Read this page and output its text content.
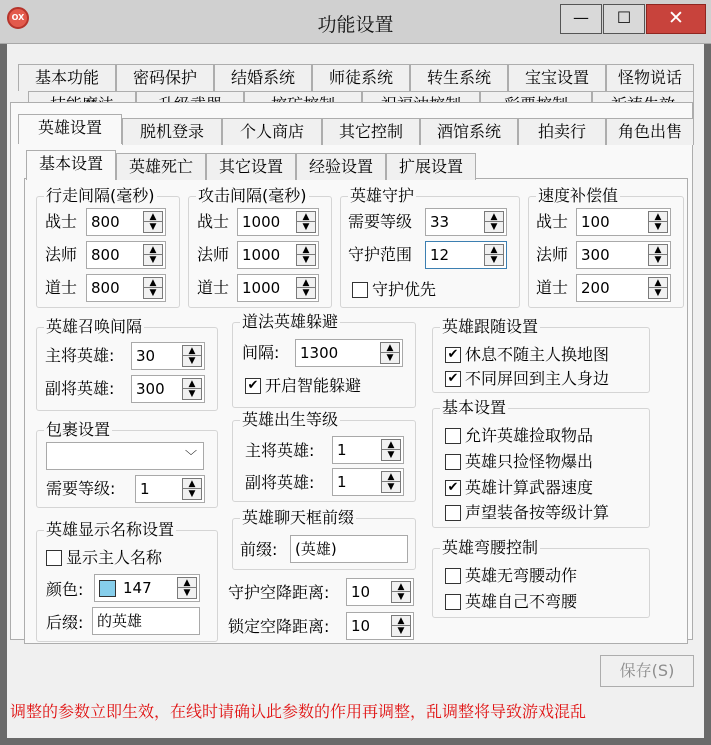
OX	功能设置	—	☐	✕
基本功能	密码保护	结婚系统	师徒系统	转生系统	宝宝设置	怪物说话
英雄设置	脱机登录	个人商店	其它控制	酒馆系统	拍卖行	角色出售
基本设置	英雄死亡	其它设置	经验设置	扩展设置
行走间隔(毫秒)
战士 800	▲
▼
法师 800	▲
▼
道士 800	▲
▼
攻击间隔(毫秒)
战士 1000	▲
▼
法师 1000	▲
▼
道士 1000	▲
▼
英雄守护
需要等级 33	▲
▼
守护范围 12	▲
▼
守护优先
速度补偿值
战士 100	▲
▼
法师 300	▲
▼
道士 200	▲
▼
英雄召唤间隔
主将英雄: 30	▲
▼
副将英雄: 300	▲
▼
道法英雄躲避
间隔: 1300	▲
▼
✔ 开启智能躲避
英雄跟随设置
✔ 休息不随主人换地图
✔ 不同屏回到主人身边
包裹设置
﹀
需要等级: 1	▲
▼
英雄出生等级
主将英雄: 1	▲
▼
副将英雄: 1	▲
▼
基本设置
允许英雄捡取物品
英雄只捡怪物爆出
✔ 英雄计算武器速度
声望装备按等级计算
英雄显示名称设置
显示主人名称
颜色:	147	▲
▼
后缀: 的英雄
英雄聊天框前缀
前缀: (英雄)
守护空降距离: 10	▲
▼
锁定空降距离: 10	▲
▼
英雄弯腰控制
英雄无弯腰动作
英雄自己不弯腰
保存(S)
调整的参数立即生效，在线时请确认此参数的作用再调整，乱调整将导致游戏混乱
